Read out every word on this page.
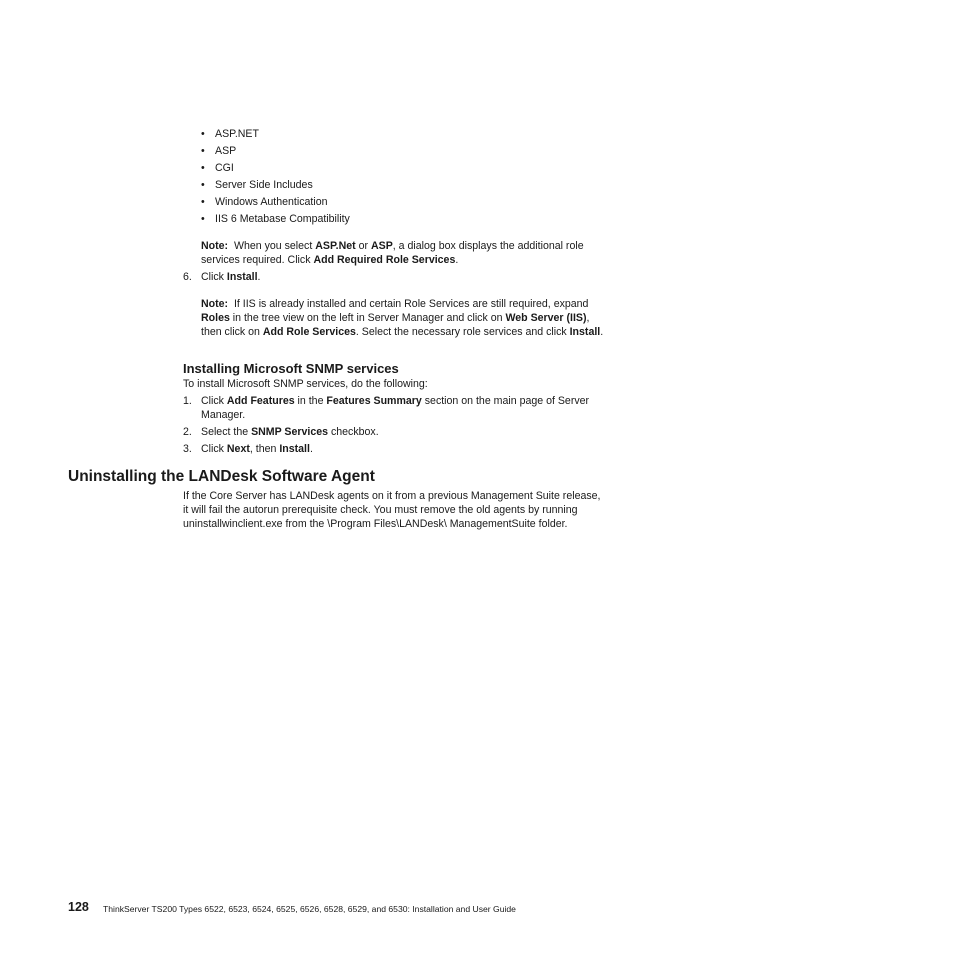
• ASP.NET
• ASP
• CGI
• Server Side Includes
• Windows Authentication
• IIS 6 Metabase Compatibility
Note: When you select ASP.Net or ASP, a dialog box displays the additional role services required. Click Add Required Role Services.
6. Click Install.
Note: If IIS is already installed and certain Role Services are still required, expand Roles in the tree view on the left in Server Manager and click on Web Server (IIS), then click on Add Role Services. Select the necessary role services and click Install.
Installing Microsoft SNMP services
To install Microsoft SNMP services, do the following:
1. Click Add Features in the Features Summary section on the main page of Server Manager.
2. Select the SNMP Services checkbox.
3. Click Next, then Install.
Uninstalling the LANDesk Software Agent
If the Core Server has LANDesk agents on it from a previous Management Suite release, it will fail the autorun prerequisite check. You must remove the old agents by running uninstallwinclient.exe from the \Program Files\LANDesk\ ManagementSuite folder.
128 ThinkServer TS200 Types 6522, 6523, 6524, 6525, 6526, 6528, 6529, and 6530: Installation and User Guide
